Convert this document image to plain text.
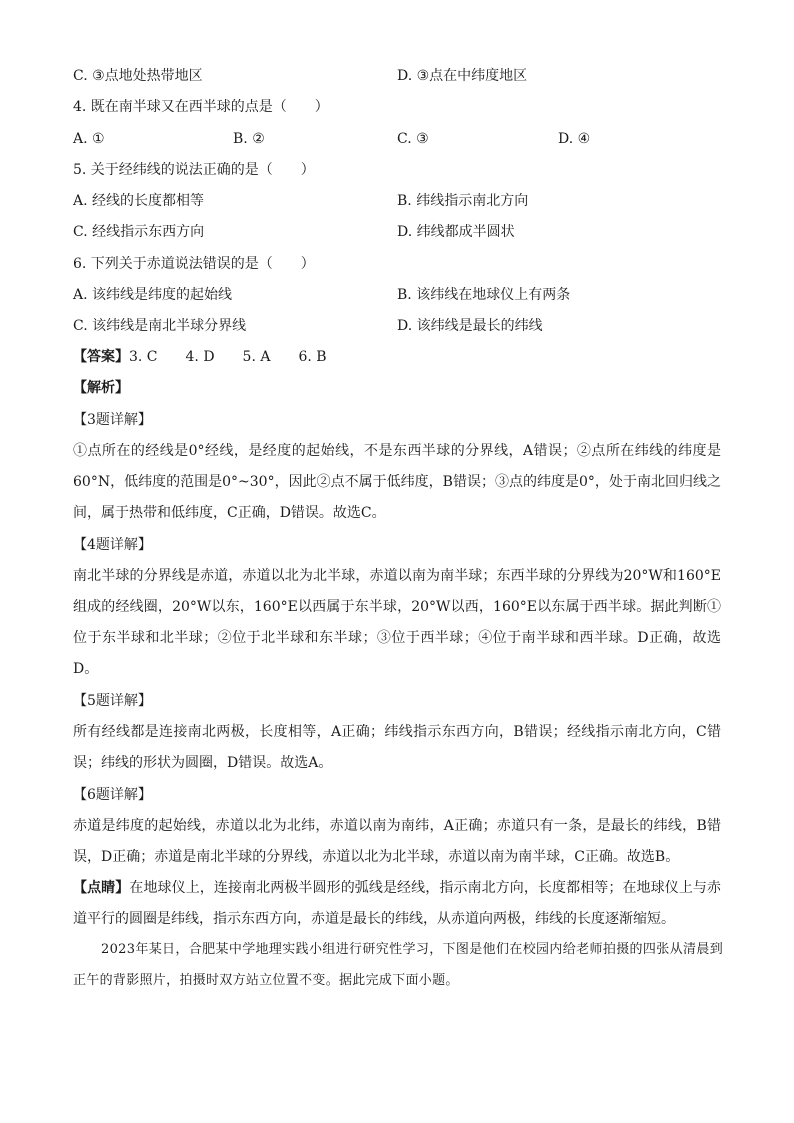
C. ③点地处热带地区	D. ③点在中纬度地区
4. 既在南半球又在西半球的点是（　　）
A. ①	B. ②	C. ③	D. ④
5. 关于经纬线的说法正确的是（　　）
A. 经线的长度都相等	B. 纬线指示南北方向
C. 经线指示东西方向	D. 纬线都成半圆状
6. 下列关于赤道说法错误的是（　　）
A. 该纬线是纬度的起始线	B. 该纬线在地球仪上有两条
C. 该纬线是南北半球分界线	D. 该纬线是最长的纬线
【答案】3. C　　4. D　　5. A　　6. B
【解析】
【3题详解】
①点所在的经线是0°经线，是经度的起始线，不是东西半球的分界线，A错误；②点所在纬线的纬度是60°N，低纬度的范围是0°~30°，因此②点不属于低纬度，B错误；③点的纬度是0°，处于南北回归线之间，属于热带和低纬度，C正确，D错误。故选C。
【4题详解】
南北半球的分界线是赤道，赤道以北为北半球，赤道以南为南半球；东西半球的分界线为20°W和160°E组成的经线圈，20°W以东，160°E以西属于东半球，20°W以西，160°E以东属于西半球。据此判断①位于东半球和北半球；②位于北半球和东半球；③位于西半球；④位于南半球和西半球。D正确，故选D。
【5题详解】
所有经线都是连接南北两极，长度相等，A正确；纬线指示东西方向，B错误；经线指示南北方向，C错误；纬线的形状为圆圈，D错误。故选A。
【6题详解】
赤道是纬度的起始线，赤道以北为北纬，赤道以南为南纬，A正确；赤道只有一条，是最长的纬线，B错误，D正确；赤道是南北半球的分界线，赤道以北为北半球，赤道以南为南半球，C正确。故选B。
【点睛】在地球仪上，连接南北两极半圆形的弧线是经线，指示南北方向，长度都相等；在地球仪上与赤道平行的圆圈是纬线，指示东西方向，赤道是最长的纬线，从赤道向两极，纬线的长度逐渐缩短。
2023年某日，合肥某中学地理实践小组进行研究性学习，下图是他们在校园内给老师拍摄的四张从清晨到正午的背影照片，拍摄时双方站立位置不变。据此完成下面小题。
